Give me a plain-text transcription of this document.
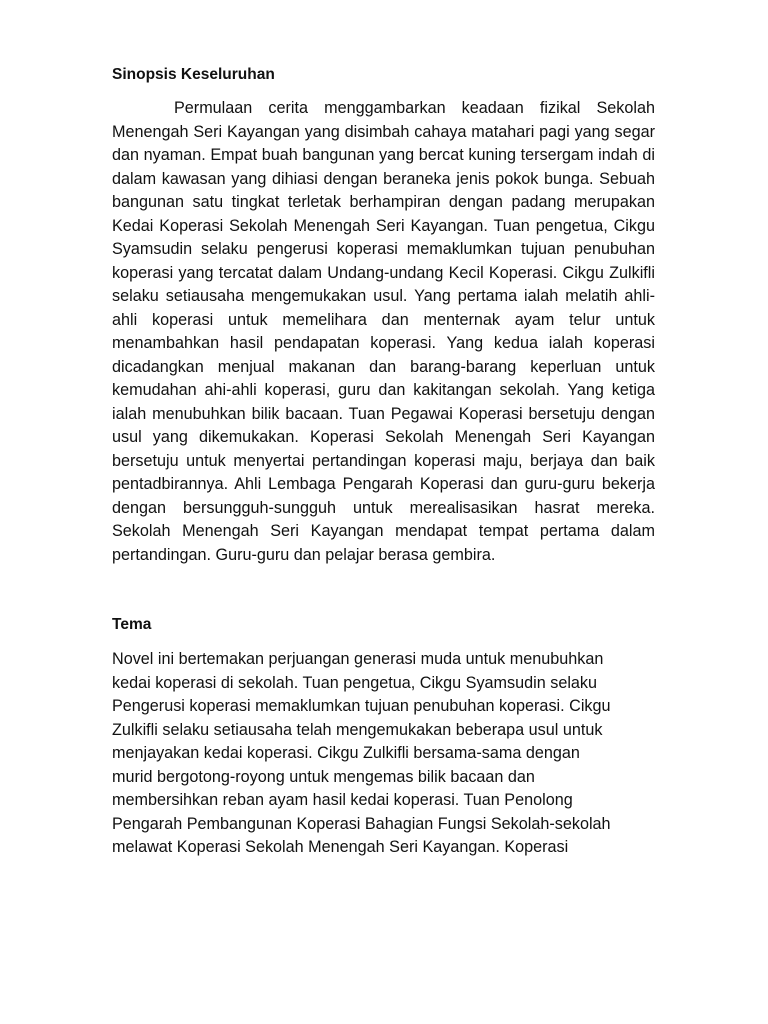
Sinopsis Keseluruhan

Permulaan cerita menggambarkan keadaan fizikal Sekolah Menengah Seri Kayangan yang disimbah cahaya matahari pagi yang segar dan nyaman. Empat buah bangunan yang bercat kuning tersergam indah di dalam kawasan yang dihiasi dengan beraneka jenis pokok bunga. Sebuah bangunan satu tingkat terletak berhampiran dengan padang merupakan Kedai Koperasi Sekolah Menengah Seri Kayangan. Tuan pengetua, Cikgu Syamsudin selaku pengerusi koperasi memaklumkan tujuan penubuhan koperasi yang tercatat dalam Undang-undang Kecil Koperasi. Cikgu Zulkifli selaku setiausaha mengemukakan usul. Yang pertama ialah melatih ahli-ahli koperasi untuk memelihara dan menternak ayam telur untuk menambahkan hasil pendapatan koperasi. Yang kedua ialah koperasi dicadangkan menjual makanan dan barang-barang keperluan untuk kemudahan ahi-ahli koperasi, guru dan kakitangan sekolah. Yang ketiga ialah menubuhkan bilik bacaan. Tuan Pegawai Koperasi bersetuju dengan usul yang dikemukakan. Koperasi Sekolah Menengah Seri Kayangan bersetuju untuk menyertai pertandingan koperasi maju, berjaya dan baik pentadbirannya. Ahli Lembaga Pengarah Koperasi dan guru-guru bekerja dengan bersungguh-sungguh untuk merealisasikan hasrat mereka. Sekolah Menengah Seri Kayangan mendapat tempat pertama dalam pertandingan. Guru-guru dan pelajar berasa gembira.

Tema
Novel ini bertemakan perjuangan generasi muda untuk menubuhkan
kedai koperasi di sekolah. Tuan pengetua, Cikgu Syamsudin selaku
Pengerusi koperasi memaklumkan tujuan penubuhan koperasi. Cikgu
Zulkifli selaku setiausaha telah mengemukakan beberapa usul untuk
menjayakan kedai koperasi. Cikgu Zulkifli bersama-sama dengan
murid bergotong-royong untuk mengemas bilik bacaan dan
membersihkan reban ayam hasil kedai koperasi. Tuan Penolong
Pengarah Pembangunan Koperasi Bahagian Fungsi Sekolah-sekolah
melawat Koperasi Sekolah Menengah Seri Kayangan. Koperasi
